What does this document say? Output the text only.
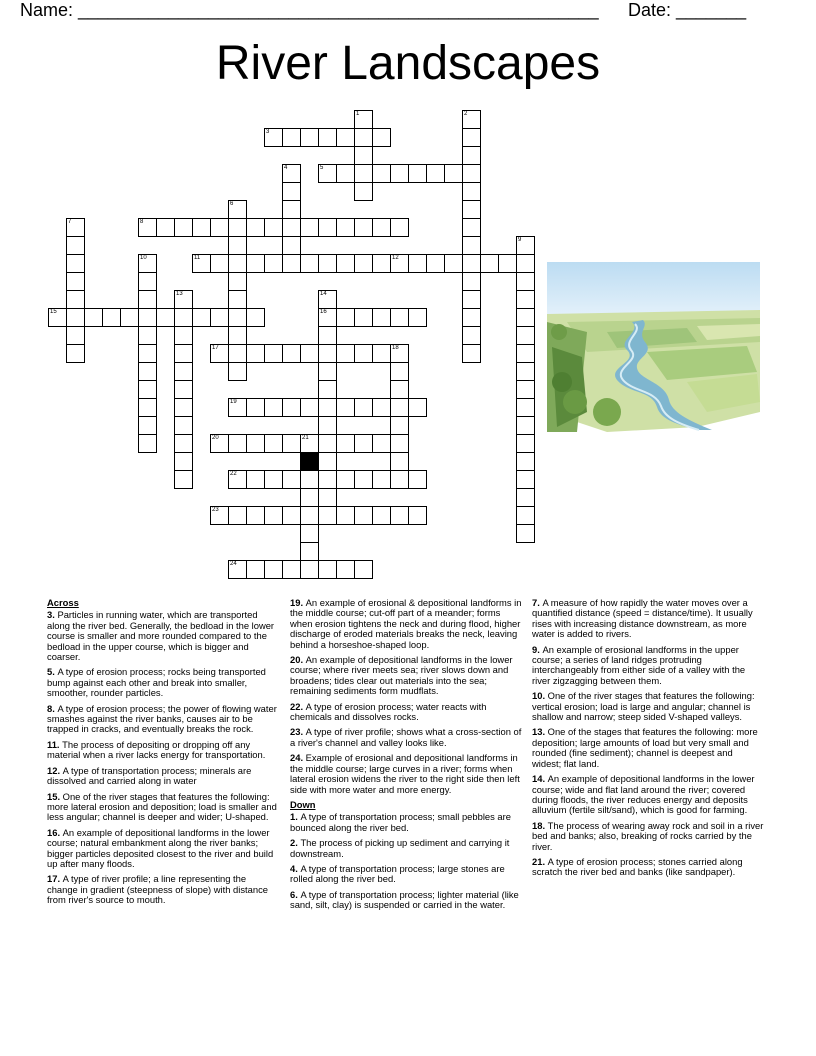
Name: ____________________________________________________ Date: _______
River Landscapes
1	2
4
6
7
9
10
13	14
16
18
21
3
5
8
11	12
15
17
19
20
22
23
24
Across
3. Particles in running water, which are transported along the river bed. Generally, the bedload in the lower course is smaller and more rounded compared to the bedload in the upper course, which is bigger and coarser.
5. A type of erosion process; rocks being transported bump against each other and break into smaller, smoother, rounder particles.
8. A type of erosion process; the power of flowing water smashes against the river banks, causes air to be trapped in cracks, and eventually breaks the rock.
11. The process of depositing or dropping off any material when a river lacks energy for transportation.
12. A type of transportation process; minerals are dissolved and carried along in water
15. One of the river stages that features the following: more lateral erosion and deposition; load is smaller and less angular; channel is deeper and wider; U-shaped.
16. An example of depositional landforms in the lower course; natural embankment along the river banks; bigger particles deposited closest to the river and build up after many floods.
17. A type of river profile; a line representing the change in gradient (steepness of slope) with distance from river's source to mouth.
19. An example of erosional & depositional landforms in the middle course; cut-off part of a meander; forms when erosion tightens the neck and during flood, higher discharge of eroded materials breaks the neck, leaving behind a horseshoe-shaped loop.
20. An example of depositional landforms in the lower course; where river meets sea; river slows down and broadens; tides clear out materials into the sea; remaining sediments form mudflats.
22. A type of erosion process; water reacts with chemicals and dissolves rocks.
23. A type of river profile; shows what a cross-section of a river's channel and valley looks like.
24. Example of erosional and depositional landforms in the middle course; large curves in a river; forms when lateral erosion widens the river to the right side then left side with more water and more energy.
Down
1. A type of transportation process; small pebbles are bounced along the river bed.
2. The process of picking up sediment and carrying it downstream.
4. A type of transportation process; large stones are rolled along the river bed.
6. A type of transportation process; lighter material (like sand, silt, clay) is suspended or carried in the water.
7. A measure of how rapidly the water moves over a quantified distance (speed = distance/time). It usually rises with increasing distance downstream, as more water is added to rivers.
9. An example of erosional landforms in the upper course; a series of land ridges protruding interchangeably from either side of a valley with the river zigzagging between them.
10. One of the river stages that features the following: vertical erosion; load is large and angular; channel is shallow and narrow; steep sided V-shaped valleys.
13. One of the stages that features the following: more deposition; large amounts of load but very small and rounded (fine sediment); channel is deepest and widest; flat land.
14. An example of depositional landforms in the lower course; wide and flat land around the river; covered during floods, the river reduces energy and deposits alluvium (fertile silt/sand), which is good for farming.
18. The process of wearing away rock and soil in a river bed and banks; also, breaking of rocks carried by the river.
21. A type of erosion process; stones carried along scratch the river bed and banks (like sandpaper).
